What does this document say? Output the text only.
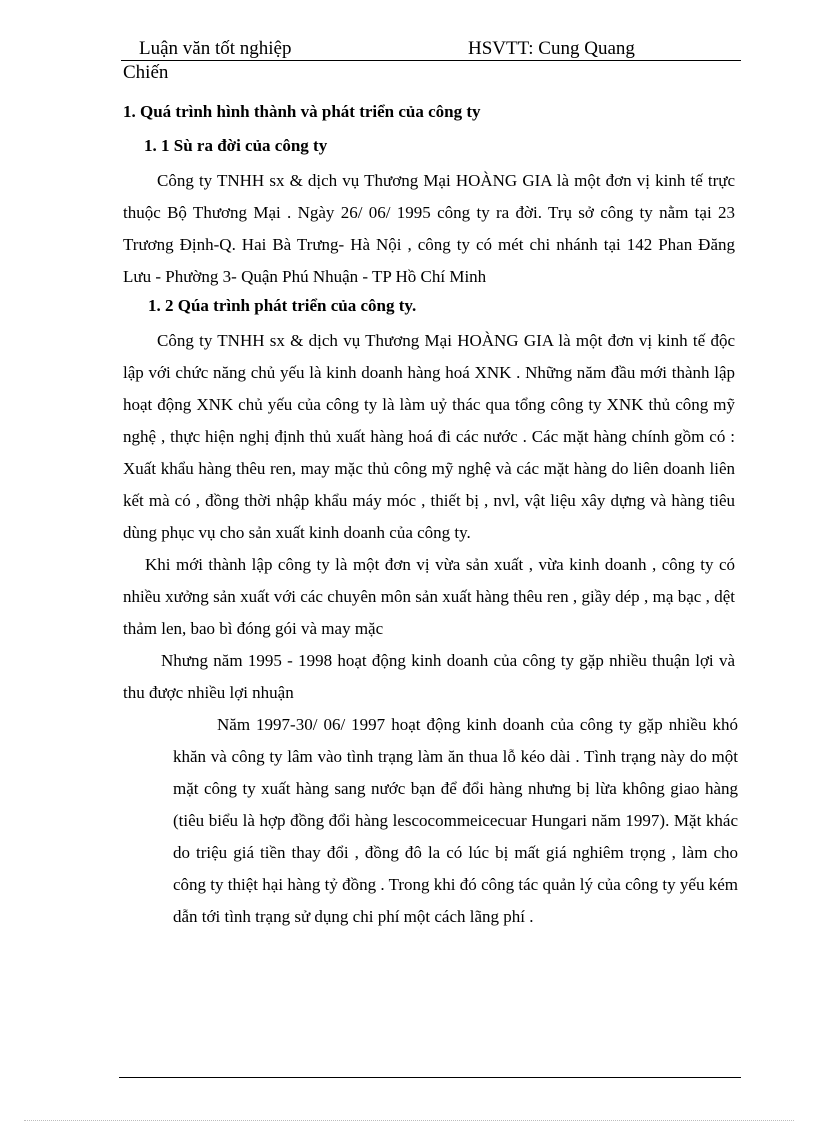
Luận văn tốt nghiệp	HSVTT: Cung Quang
Chiến
1. Quá trình hình thành và phát triển của công ty
1. 1 Sù ra đời của công ty

Công ty TNHH sx & dịch vụ Thương Mại HOÀNG GIA là một đơn vị kinh tế trực thuộc Bộ Thương Mại . Ngày 26/ 06/ 1995 công ty ra đời. Trụ sở công ty nằm tại 23 Trương Định-Q. Hai Bà Trưng- Hà Nội , công ty có mét chi nhánh tại 142 Phan Đăng Lưu - Phường 3- Quận Phú Nhuận - TP Hồ Chí Minh

1. 2 Qúa trình phát triển của công ty.

Công ty TNHH sx & dịch vụ Thương Mại HOÀNG GIA là một đơn vị kinh tế độc lập với chức năng chủ yếu là kinh doanh hàng hoá XNK . Những năm đầu mới thành lập hoạt động XNK chủ yếu của công ty là làm uỷ thác qua tổng công ty XNK thủ công mỹ nghệ , thực hiện nghị định thủ xuất hàng hoá đi các nước . Các mặt hàng chính gồm có : Xuất khẩu hàng thêu ren, may mặc thủ công mỹ nghệ và các mặt hàng do liên doanh liên kết mà có , đồng thời nhập khẩu máy móc , thiết bị , nvl, vật liệu xây dựng và hàng tiêu dùng phục vụ cho sản xuất kinh doanh của công ty.

Khi mới thành lập công ty là một đơn vị vừa sản xuất , vừa kinh doanh , công ty có nhiều xưởng sản xuất với các chuyên môn sản xuất hàng thêu ren , giầy dép , mạ bạc , dệt thảm len, bao bì đóng gói và may mặc

Nhưng năm 1995 - 1998 hoạt động kinh doanh của công ty gặp nhiều thuận lợi và thu được nhiều lợi nhuận

Năm 1997-30/ 06/ 1997 hoạt động kinh doanh của công ty gặp nhiều khó khăn và công ty lâm vào tình trạng làm ăn thua lỗ kéo dài . Tình trạng này do một mặt công ty xuất hàng sang nước bạn để đổi hàng nhưng bị lừa không giao hàng (tiêu biểu là hợp đồng đổi hàng lescocommeicecuar Hungari năm 1997). Mặt khác do triệu giá tiền thay đổi , đồng đô la có lúc bị mất giá nghiêm trọng , làm cho công ty thiệt hại hàng tỷ đồng . Trong khi đó công tác quản lý của công ty yếu kém dẫn tới tình trạng sử dụng chi phí một cách lãng phí .
